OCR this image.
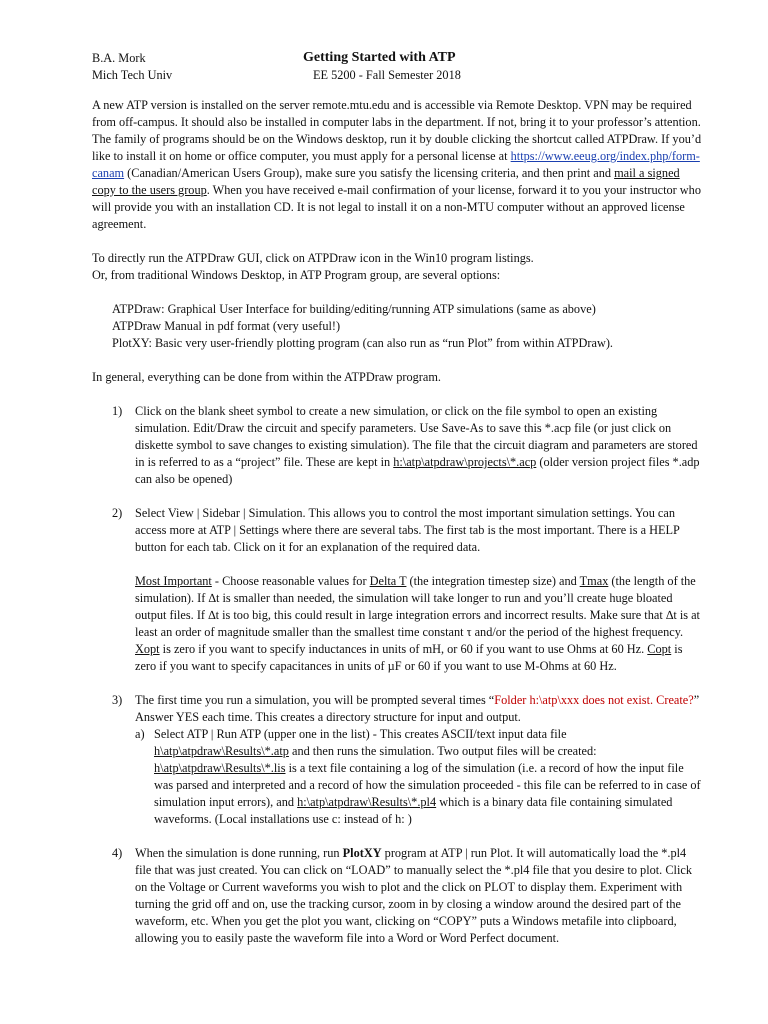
B.A. Mork
Mich Tech Univ
Getting Started with ATP
EE 5200 - Fall Semester 2018

A new ATP version is installed on the server remote.mtu.edu and is accessible via Remote Desktop. VPN may be required from off-campus. It should also be installed in computer labs in the department. If not, bring it to your professor’s attention. The family of programs should be on the Windows desktop, run it by double clicking the shortcut called ATPDraw. If you’d like to install it on home or office computer, you must apply for a personal license at https://www.eeug.org/index.php/form-canam (Canadian/American Users Group), make sure you satisfy the licensing criteria, and then print and mail a signed copy to the users group. When you have received e-mail confirmation of your license, forward it to you your instructor who will provide you with an installation CD. It is not legal to install it on a non-MTU computer without an approved license agreement.

To directly run the ATPDraw GUI, click on ATPDraw icon in the Win10 program listings.

Or, from traditional Windows Desktop, in ATP Program group, are several options:

ATPDraw: Graphical User Interface for building/editing/running ATP simulations (same as above)

ATPDraw Manual in pdf format (very useful!)

PlotXY: Basic very user-friendly plotting program (can also run as “run Plot” from within ATPDraw).

In general, everything can be done from within the ATPDraw program.

1) Click on the blank sheet symbol to create a new simulation, or click on the file symbol to open an existing simulation. Edit/Draw the circuit and specify parameters. Use Save-As to save this *.acp file (or just click on diskette symbol to save changes to existing simulation). The file that the circuit diagram and parameters are stored in is referred to as a “project” file. These are kept in h:\atp\atpdraw\projects\*.acp (older version project files *.adp can also be opened)

2) Select View | Sidebar | Simulation. This allows you to control the most important simulation settings. You can access more at ATP | Settings where there are several tabs. The first tab is the most important. There is a HELP button for each tab. Click on it for an explanation of the required data.

Most Important - Choose reasonable values for Delta T (the integration timestep size) and Tmax (the length of the simulation). If ∆t is smaller than needed, the simulation will take longer to run and you’ll create huge bloated output files. If ∆t is too big, this could result in large integration errors and incorrect results. Make sure that ∆t is at least an order of magnitude smaller than the smallest time constant τ and/or the period of the highest frequency. Xopt is zero if you want to specify inductances in units of mH, or 60 if you want to use Ohms at 60 Hz. Copt is zero if you want to specify capacitances in units of µF or 60 if you want to use M-Ohms at 60 Hz.

3) The first time you run a simulation, you will be prompted several times “Folder h:\atp\xxx does not exist. Create?” Answer YES each time. This creates a directory structure for input and output.

a) Select ATP | Run ATP (upper one in the list) - This creates ASCII/text input data file h\atp\atpdraw\Results\*.atp and then runs the simulation. Two output files will be created: h\atp\atpdraw\Results\*.lis is a text file containing a log of the simulation (i.e. a record of how the input file was parsed and interpreted and a record of how the simulation proceeded - this file can be referred to in case of simulation input errors), and h:\atp\atpdraw\Results\*.pl4 which is a binary data file containing simulated waveforms. (Local installations use c: instead of h: )

4) When the simulation is done running, run PlotXY program at ATP | run Plot. It will automatically load the *.pl4 file that was just created. You can click on “LOAD” to manually select the *.pl4 file that you desire to plot. Click on the Voltage or Current waveforms you wish to plot and the click on PLOT to display them. Experiment with turning the grid off and on, use the tracking cursor, zoom in by closing a window around the desired part of the waveform, etc. When you get the plot you want, clicking on “COPY” puts a Windows metafile into clipboard, allowing you to easily paste the waveform file into a Word or Word Perfect document.
